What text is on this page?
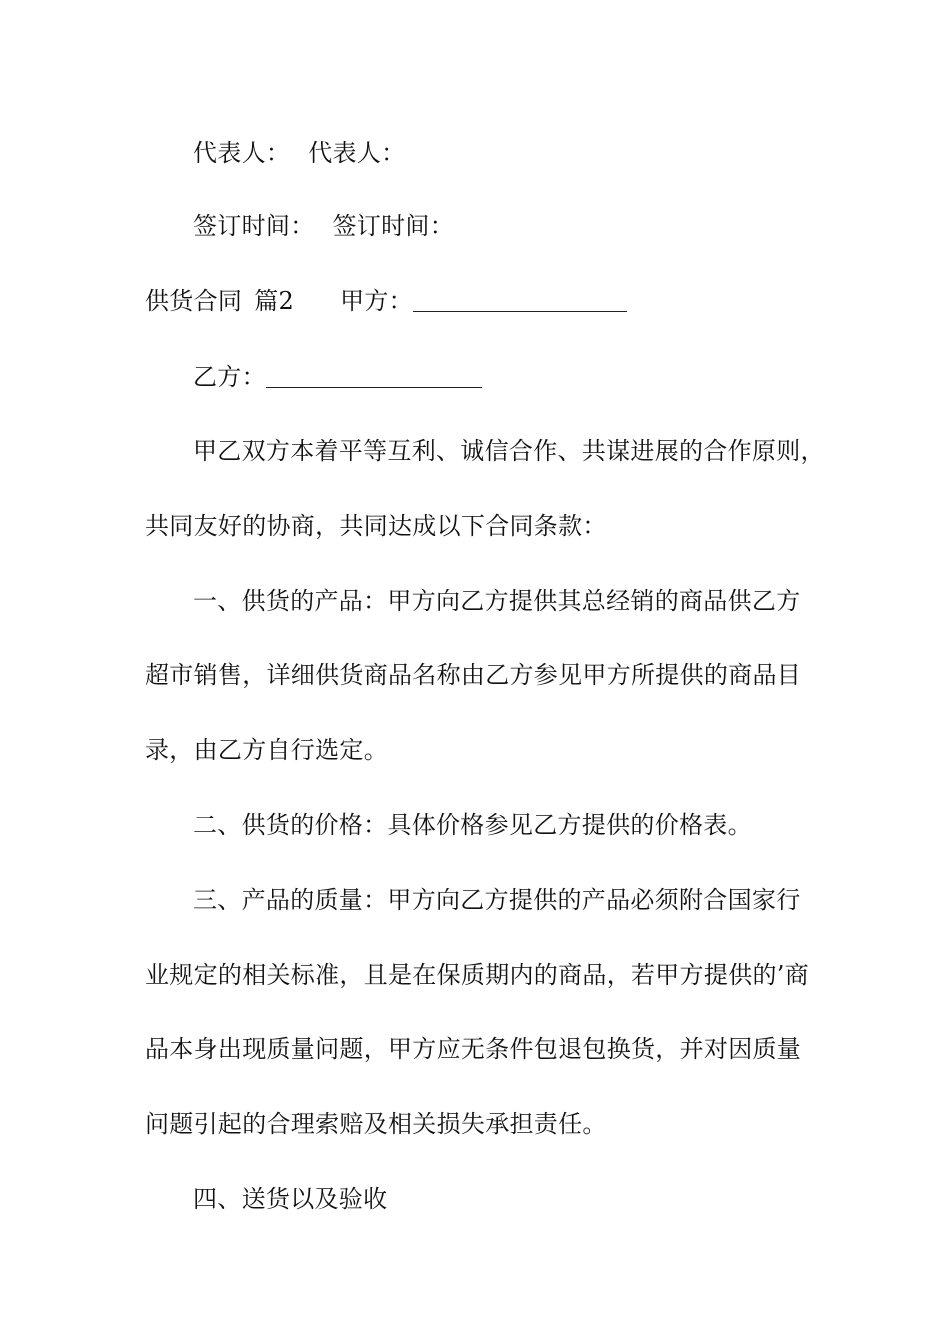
代表人： 代表人：
签订时间： 签订时间：
供货合同 篇2 甲方：
乙方：
甲乙双方本着平等互利、诚信合作、共谋进展的合作原则，
共同友好的协商，共同达成以下合同条款：
一、供货的产品：甲方向乙方提供其总经销的商品供乙方
超市销售，详细供货商品名称由乙方参见甲方所提供的商品目
录，由乙方自行选定。
二、供货的价格：具体价格参见乙方提供的价格表。
三、产品的质量：甲方向乙方提供的产品必须附合国家行
业规定的相关标准，且是在保质期内的商品，若甲方提供的’商
品本身出现质量问题，甲方应无条件包退包换货，并对因质量
问题引起的合理索赔及相关损失承担责任。
四、送货以及验收
